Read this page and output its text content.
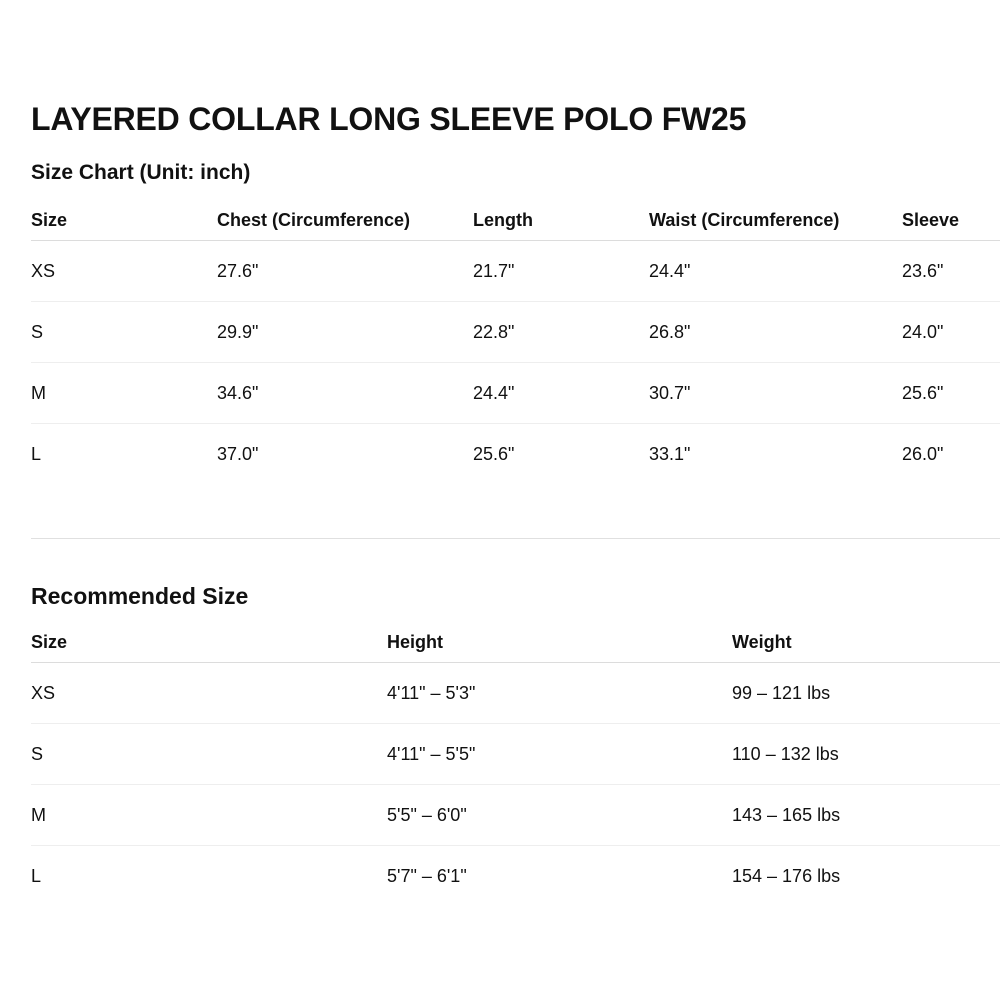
LAYERED COLLAR LONG SLEEVE POLO FW25
Size Chart (Unit: inch)
Size	Chest (Circumference)	Length	Waist (Circumference)	Sleeve
XS	27.6"	21.7"	24.4"	23.6"
S	29.9"	22.8"	26.8"	24.0"
M	34.6"	24.4"	30.7"	25.6"
L	37.0"	25.6"	33.1"	26.0"
Recommended Size
Size	Height	Weight
XS	4'11" – 5'3"	99 – 121 lbs
S	4'11" – 5'5"	110 – 132 lbs
M	5'5" – 6'0"	143 – 165 lbs
L	5'7" – 6'1"	154 – 176 lbs
